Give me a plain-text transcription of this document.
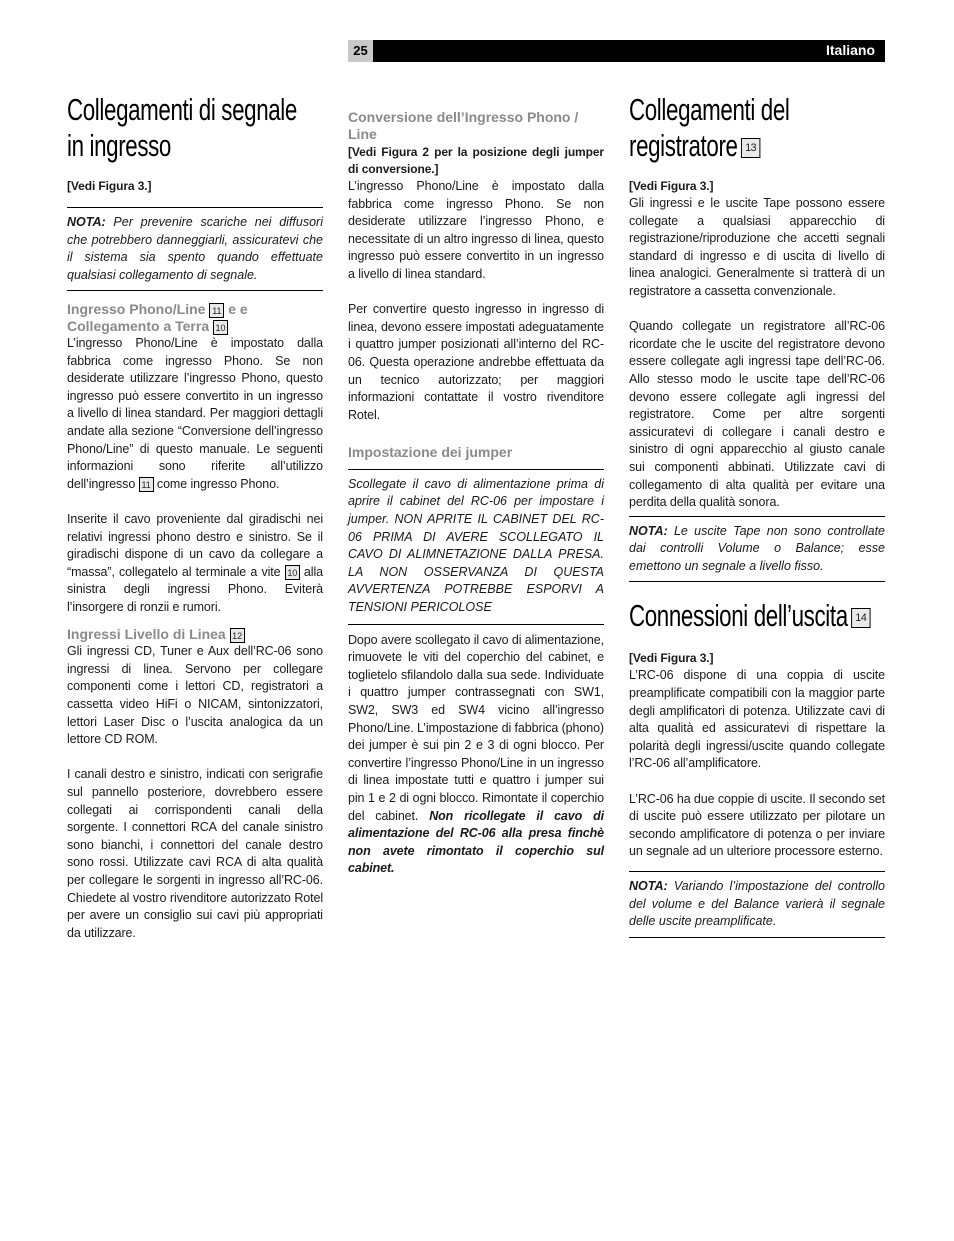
25	Italiano
Collegamenti di segnale
in ingresso

[Vedi Figura 3.]

NOTA: Per prevenire scariche nei diffusori che potrebbero danneggiarli, assicuratevi che il sistema sia spento quando effettuate qualsiasi collegamento di segnale.
Ingresso Phono/Line 11 e e Collegamento a Terra 10

L’ingresso Phono/Line è impostato dalla fabbrica come ingresso Phono. Se non desiderate utilizzare l’ingresso Phono, questo ingresso può essere convertito in un ingresso a livello di linea standard. Per maggiori dettagli andate alla sezione “Conversione dell’ingresso Phono/Line” di questo manuale. Le seguenti informazioni sono riferite all’utilizzo dell’ingresso 11 come ingresso Phono.

Inserite il cavo proveniente dal giradischi nei relativi ingressi phono destro e sinistro. Se il giradischi dispone di un cavo da collegare a “massa”, collegatelo al terminale a vite 10 alla sinistra degli ingressi Phono. Eviterà l’insorgere di ronzii e rumori.

Ingressi Livello di Linea 12

Gli ingressi CD, Tuner e Aux dell’RC-06 sono ingressi di linea. Servono per collegare componenti come i lettori CD, registratori a cassetta video HiFi o NICAM, sintonizzatori, lettori Laser Disc o l’uscita analogica da un lettore CD ROM.

I canali destro e sinistro, indicati con serigrafie sul pannello posteriore, dovrebbero essere collegati ai corrispondenti canali della sorgente. I connettori RCA del canale sinistro sono bianchi, i connettori del canale destro sono rossi. Utilizzate cavi RCA di alta qualità per collegare le sorgenti in ingresso all’RC-06. Chiedete al vostro rivenditore autorizzato Rotel per avere un consiglio sui cavi più appropriati da utilizzare.

Conversione dell’Ingresso Phono / Line

[Vedi Figura 2 per la posizione degli jumper di conversione.]

L’ingresso Phono/Line è impostato dalla fabbrica come ingresso Phono. Se non desiderate utilizzare l’ingresso Phono, e necessitate di un altro ingresso di linea, questo ingresso può essere convertito in un ingresso a livello di linea standard.

Per convertire questo ingresso in ingresso di linea, devono essere impostati adeguatamente i quattro jumper posizionati all’interno del RC-06. Questa operazione andrebbe effettuata da un tecnico autorizzato; per maggiori informazioni contattate il vostro rivenditore Rotel.

Impostazione dei jumper
Scollegate il cavo di alimentazione prima di aprire il cabinet del RC-06 per impostare i jumper. NON APRITE IL CABINET DEL RC-06 PRIMA DI AVERE SCOLLEGATO IL CAVO DI ALIMNETAZIONE DALLA PRESA. LA NON OSSERVANZA DI QUESTA AVVERTENZA POTREBBE ESPORVI A TENSIONI PERICOLOSE

Dopo avere scollegato il cavo di alimentazione, rimuovete le viti del coperchio del cabinet, e toglietelo sfilandolo dalla sua sede. Individuate i quattro jumper contrassegnati con SW1, SW2, SW3 ed SW4 vicino all’ingresso Phono/Line. L’impostazione di fabbrica (phono) dei jumper è sui pin 2 e 3 di ogni blocco. Per convertire l’ingresso Phono/Line in un ingresso di linea impostate tutti e quattro i jumper sui pin 1 e 2 di ogni blocco. Rimontate il coperchio del cabinet. Non ricollegate il cavo di alimentazione del RC-06 alla presa finchè non avete rimontato il coperchio sul cabinet.

Collegamenti del
registratore 13

[Vedi Figura 3.]

Gli ingressi e le uscite Tape possono essere collegate a qualsiasi apparecchio di registrazione/riproduzione che accetti segnali standard di ingresso e di uscita di livello di linea analogici. Generalmente si tratterà di un registratore a cassetta convenzionale.

Quando collegate un registratore all’RC-06 ricordate che le uscite del registratore devono essere collegate agli ingressi tape dell’RC-06. Allo stesso modo le uscite tape dell’RC-06 devono essere collegate agli ingressi del registratore. Come per altre sorgenti assicuratevi di collegare i canali destro e sinistro di ogni apparecchio al giusto canale sui componenti abbinati. Utilizzate cavi di collegamento di alta qualità per evitare una perdita della qualità sonora.

NOTA: Le uscite Tape non sono controllate dai controlli Volume o Balance; esse emettono un segnale a livello fisso.
Connessioni dell’uscita 14

[Vedi Figura 3.]

L’RC-06 dispone di una coppia di uscite preamplificate compatibili con la maggior parte degli amplificatori di potenza. Utilizzate cavi di alta qualità ed assicuratevi di rispettare la polarità degli ingressi/uscite quando collegate l’RC-06 all’amplificatore.

L’RC-06 ha due coppie di uscite. Il secondo set di uscite può essere utilizzato per pilotare un secondo amplificatore di potenza o per inviare un segnale ad un ulteriore processore esterno.

NOTA: Variando l’impostazione del controllo del volume e del Balance varierà il segnale delle uscite preamplificate.
